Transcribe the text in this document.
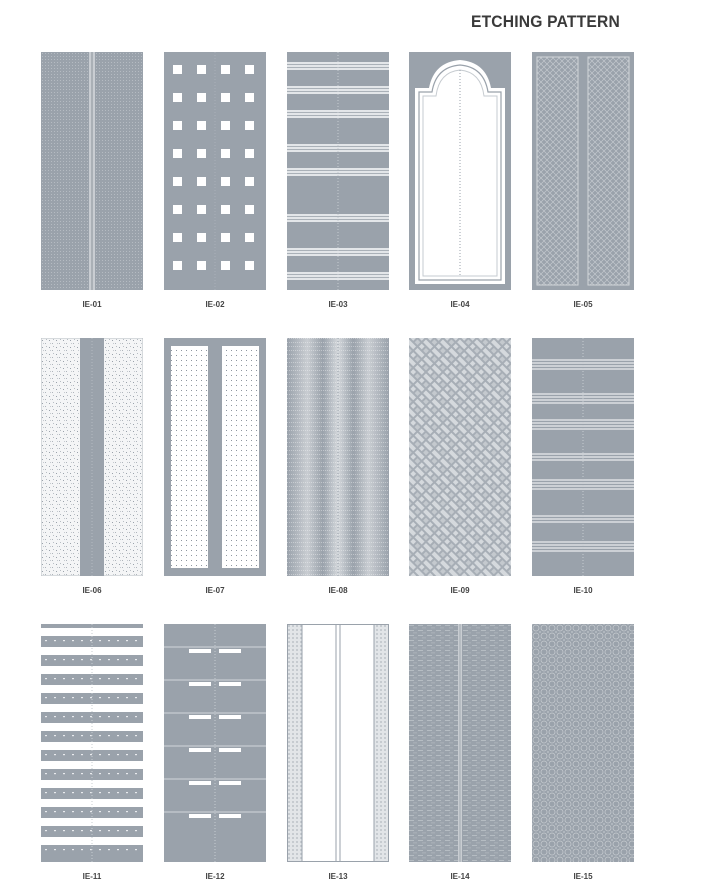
ETCHING PATTERN
IE-01	IE-02	IE-03	IE-04	IE-05
IE-06	IE-07	IE-08	IE-09	IE-10
IE-11	IE-12	IE-13	IE-14	IE-15
